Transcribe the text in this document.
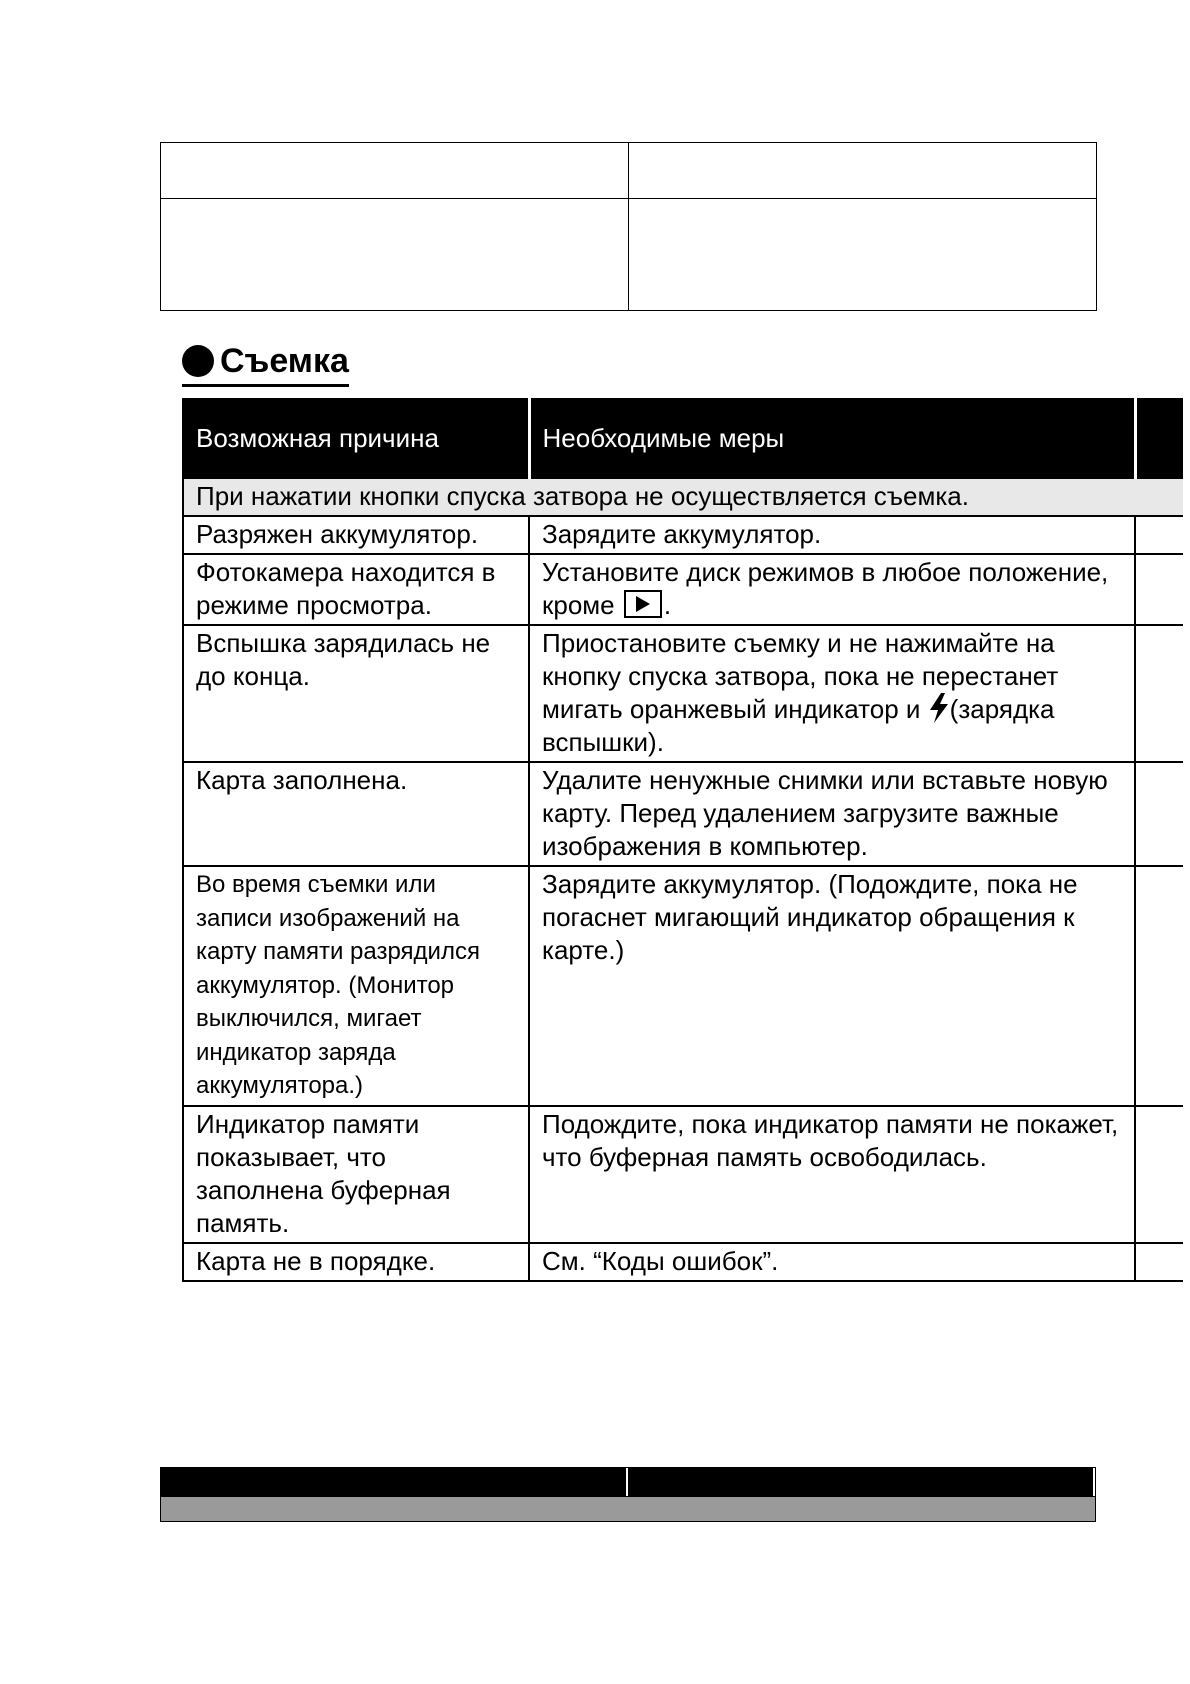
Съемка
Возможная причина	Необходимые меры	
При нажатии кнопки спуска затвора не осуществляется съемка.		
Разряжен аккумулятор.	Зарядите аккумулятор.	
Фотокамера находится в режиме просмотра.	Установите диск режимов в любое положение, кроме .	
Вспышка зарядилась не до конца.	Приостановите съемку и не нажимайте на кнопку спуска затвора, пока не перестанет мигать оранжевый индикатор и (зарядка вспышки).	
Карта заполнена.	Удалите ненужные снимки или вставьте новую карту. Перед удалением загрузите важные изображения в компьютер.	
Во время съемки или записи изображений на карту памяти разрядился аккумулятор. (Монитор выключился, мигает индикатор заряда аккумулятора.)	Зарядите аккумулятор. (Подождите, пока не погаснет мигающий индикатор обращения к карте.)	
Индикатор памяти показывает, что заполнена буферная память.	Подождите, пока индикатор памяти не покажет, что буферная память освободилась.	
Карта не в порядке.	См. “Коды ошибок”.	
